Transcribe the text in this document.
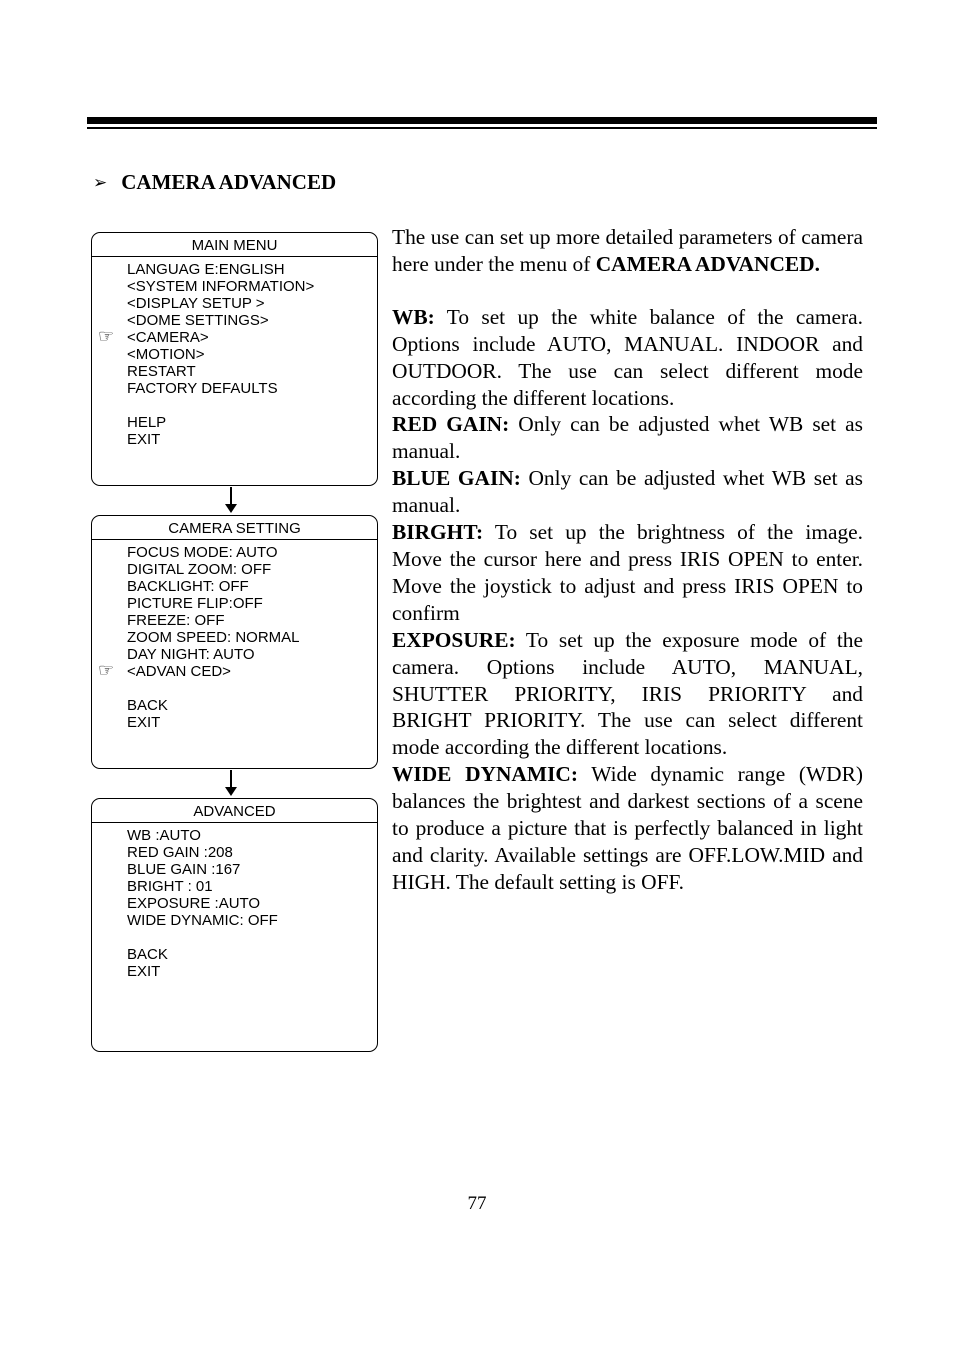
➢ CAMERA ADVANCED
MAIN MENU
LANGUAG E:ENGLISH
<SYSTEM INFORMATION>
<DISPLAY SETUP >
<DOME SETTINGS>
☞ <CAMERA>
<MOTION>
RESTART
FACTORY DEFAULTS
HELP
EXIT
CAMERA SETTING
FOCUS MODE: AUTO
DIGITAL ZOOM: OFF
BACKLIGHT: OFF
PICTURE FLIP:OFF
FREEZE: OFF
ZOOM SPEED: NORMAL
DAY NIGHT: AUTO
☞ <ADVAN CED>
BACK
EXIT
ADVANCED
WB :AUTO
RED GAIN :208
BLUE GAIN :167
BRIGHT : 01
EXPOSURE :AUTO
WIDE DYNAMIC: OFF
BACK
EXIT

The use can set up more detailed parameters of camera here under the menu of CAMERA ADVANCED.

WB: To set up the white balance of the camera. Options include AUTO, MANUAL. INDOOR and OUTDOOR. The use can select different mode according the different locations.

RED GAIN: Only can be adjusted whet WB set as manual.

BLUE GAIN: Only can be adjusted whet WB set as manual.

BIRGHT: To set up the brightness of the image. Move the cursor here and press IRIS OPEN to enter. Move the joystick to adjust and press IRIS OPEN to confirm

EXPOSURE: To set up the exposure mode of the camera. Options include AUTO, MANUAL, SHUTTER PRIORITY, IRIS PRIORITY and BRIGHT PRIORITY. The use can select different mode according the different locations.

WIDE DYNAMIC: Wide dynamic range (WDR) balances the brightest and darkest sections of a scene to produce a picture that is perfectly balanced in light and clarity. Available settings are OFF.LOW.MID and HIGH. The default setting is OFF.

77
